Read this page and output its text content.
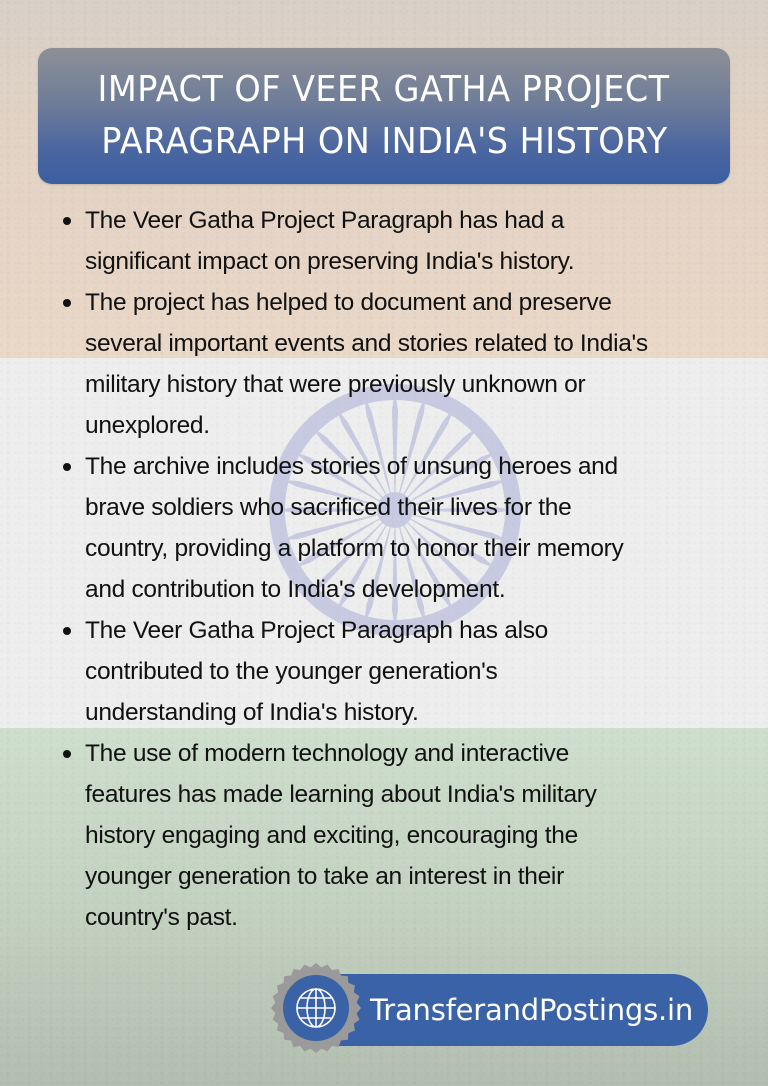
IMPACT OF VEER GATHA PROJECT
PARAGRAPH ON INDIA'S HISTORY
The Veer Gatha Project Paragraph has had a
significant impact on preserving India's history.
The project has helped to document and preserve
several important events and stories related to India's
military history that were previously unknown or
unexplored.
The archive includes stories of unsung heroes and
brave soldiers who sacrificed their lives for the
country, providing a platform to honor their memory
and contribution to India's development.
The Veer Gatha Project Paragraph has also
contributed to the younger generation's
understanding of India's history.
The use of modern technology and interactive
features has made learning about India's military
history engaging and exciting, encouraging the
younger generation to take an interest in their
country's past.
TransferandPostings.in
